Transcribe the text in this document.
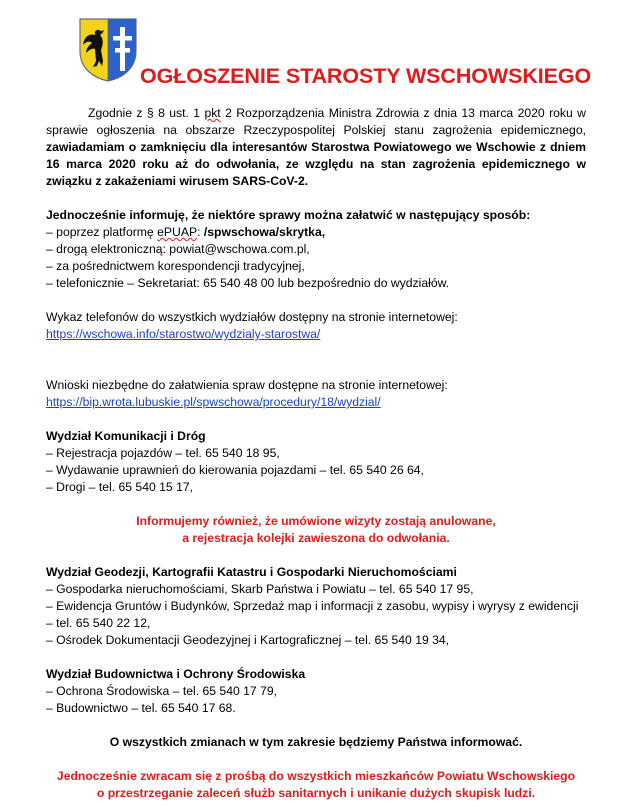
OGŁOSZENIE STAROSTY WSCHOWSKIEGO

Zgodnie z § 8 ust. 1 pkt 2 Rozporządzenia Ministra Zdrowia z dnia 13 marca 2020 roku w sprawie ogłoszenia na obszarze Rzeczypospolitej Polskiej stanu zagrożenia epidemicznego, zawiadamiam o zamknięciu dla interesantów Starostwa Powiatowego we Wschowie z dniem 16 marca 2020 roku aż do odwołania, ze względu na stan zagrożenia epidemicznego w związku z zakażeniami wirusem SARS-CoV-2.

Jednocześnie informuję, że niektóre sprawy można załatwić w następujący sposób:

– poprzez platformę ePUAP: /spwschowa/skrytka,
– drogą elektroniczną: powiat@wschowa.com.pl,
– za pośrednictwem korespondencji tradycyjnej,
– telefonicznie – Sekretariat: 65 540 48 00 lub bezpośrednio do wydziałów.

Wykaz telefonów do wszystkich wydziałów dostępny na stronie internetowej:

https://wschowa.info/starostwo/wydzialy-starostwa/

Wnioski niezbędne do załatwienia spraw dostępne na stronie internetowej:

https://bip.wrota.lubuskie.pl/spwschowa/procedury/18/wydzial/

Wydział Komunikacji i Dróg

– Rejestracja pojazdów – tel. 65 540 18 95,

– Wydawanie uprawnień do kierowania pojazdami – tel. 65 540 26 64,

– Drogi – tel. 65 540 15 17,

Informujemy również, że umówione wizyty zostają anulowane,

a rejestracja kolejki zawieszona do odwołania.

Wydział Geodezji, Kartografii Katastru i Gospodarki Nieruchomościami

– Gospodarka nieruchomościami, Skarb Państwa i Powiatu – tel. 65 540 17 95,

– Ewidencja Gruntów i Budynków, Sprzedaż map i informacji z zasobu, wypisy i wyrysy z ewidencji – tel. 65 540 22 12,

– Ośrodek Dokumentacji Geodezyjnej i Kartograficznej – tel. 65 540 19 34,

Wydział Budownictwa i Ochrony Środowiska

– Ochrona Środowiska – tel. 65 540 17 79,

– Budownictwo – tel. 65 540 17 68.

O wszystkich zmianach w tym zakresie będziemy Państwa informować.

Jednocześnie zwracam się z prośbą do wszystkich mieszkańców Powiatu Wschowskiego

o przestrzeganie zaleceń służb sanitarnych i unikanie dużych skupisk ludzi.
